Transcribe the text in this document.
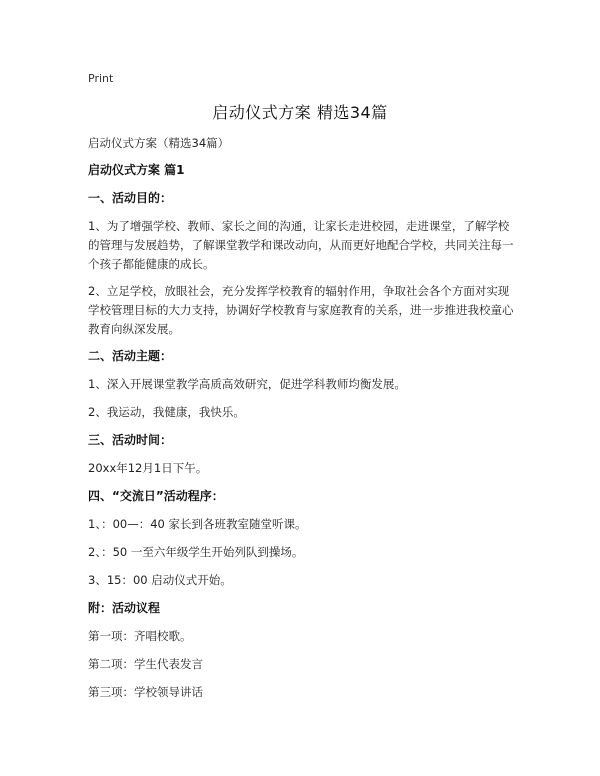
Print
启动仪式方案 精选34篇

启动仪式方案（精选34篇）

启动仪式方案 篇1

一、活动目的：

1、为了增强学校、教师、家长之间的沟通，让家长走进校园，走进课堂，了解学校的管理与发展趋势，了解课堂教学和课改动向，从而更好地配合学校，共同关注每一个孩子都能健康的成长。

2、立足学校，放眼社会，充分发挥学校教育的辐射作用，争取社会各个方面对实现学校管理目标的大力支持，协调好学校教育与家庭教育的关系，进一步推进我校童心教育向纵深发展。

二、活动主题：

1、深入开展课堂教学高质高效研究，促进学科教师均衡发展。

2、我运动，我健康，我快乐。

三、活动时间：

20xx年12月1日下午。

四、“交流日”活动程序：

1、：00—：40 家长到各班教室随堂听课。

2、：50 一至六年级学生开始列队到操场。

3、15：00 启动仪式开始。

附：活动议程

第一项：齐唱校歌。

第二项：学生代表发言

第三项：学校领导讲话
